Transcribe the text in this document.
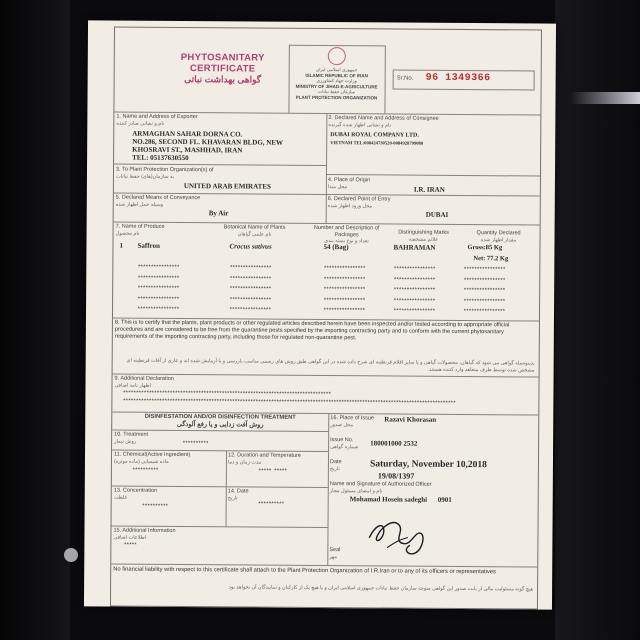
PHYTOSANITARY
CERTIFICATE
گواهی بهداشت نباتی
جمهوری اسلامی ایران
ISLAMIC REPUBLIC OF IRAN
وزارت جهاد کشاورزی
MINISTRY OF JIHAD-E-AGRICULTURE
سازمان حفظ نباتات
PLANT PROTECTION ORGANIZATION
Sr.No. 96 1349366
1. Name and Address of Exporter
نام و نشانی صادر کننده
ARMAGHAN SAHAR DORNA CO.
NO.286, SECOND FL. KHAVARAN BLDG, NEW
KHOSRAVI ST., MASHHAD, IRAN
TEL: 05137630550
2. Declared Name and Address of Consignee
نام و نشانی اظهار شده گیرنده
DUBAI ROYAL COMPANY LTD.
VIETNAM TEL:008424730520-0084928799080
3. To Plant Protection Organization(s) of
به سازمان(های) حفظ نباتات
UNITED ARAB EMIRATES
4. Place of Origin
محل مبدا	I.R. IRAN
5. Declared Means of Conveyance
وسیله حمل اظهار شده
By Air
6. Declared Point of Entry
محل ورود اظهار شده
DUBAI
7. Name of Produce
نام محصول
Botanical Name of Plants
نام علمی گیاهان
Number and Description of Packages
تعداد و نوع بسته بندی
Distinguishing Marks
علائم مشخصه
Quantity Declared
مقدار اظهار شده
1 Saffron	Crocus sativus	54 (Bag)	BAHRAMAN	Gross:85 Kg
Net: 77.2 Kg
****************	****************	****************	****************	****************
****************	****************	****************	****************	****************
****************	****************	****************	****************	****************
****************	****************	****************	****************	****************
****************	****************	****************	****************	****************
8. This is to certify that the plants, plant products or other regulated articles described herein have been inspected and/or tested according to appropriate official procedures and are considered to be free from the quarantine pests specified by the importing contracting party and to conform with the current phytosanitary requirements of the importing contracting party, including those for regulated non-quarantine pest.
بدینوسیله گواهی می شود که گیاهان، محصولات گیاهی و یا سایر اقلام قرنطینه ای شرح داده شده در این گواهی طبق روش های رسمی مناسب بازرسی و یا آزمایش شده اند و عاری از آفات قرنطینه ای مشخص شده توسط طرف متعاهد وارد کننده هستند.
9. Additional Declaration
اظهار نامه اضافی
********************************************************************************
********************************************************************************************************************************
DISINFESTATION AND/OR DISINFECTION TREATMENT
روش آفت زدایی و یا رفع آلودگی
10. Treatment
روش تیمار	**********
11. Chemical(Active Ingredient)
ماده شیمیایی (ماده موثره)
**********
12. Duration and Temperature
مدت زمان و دما
***** *****
13. Concentration
غلظت
**********
14. Date
تاریخ
**********
15. Additional Information
اطلاعات اضافی
*****
16. Place of Issue
محل صدور
Razavi Khorasan
Issue No.
شماره گواهی 180001000 2532
Date
تاریخ	Saturday, November 10,2018
19/08/1397
Name and Signature of Authorized Officer
نام و امضای مسئول مجاز
Mohamad Hosein sadeghi 0901
Seal
مهر
No financial liability with respect to this certificate shall attach to the Plant Protection Organization of I.R.Iran or to any of its officers or representatives
هیچ گونه مسئولیت مالی از بابت صدور این گواهی متوجه سازمان حفظ نباتات جمهوری اسلامی ایران و یا هیچ یک از کارکنان و نمایندگان آن نخواهد بود
